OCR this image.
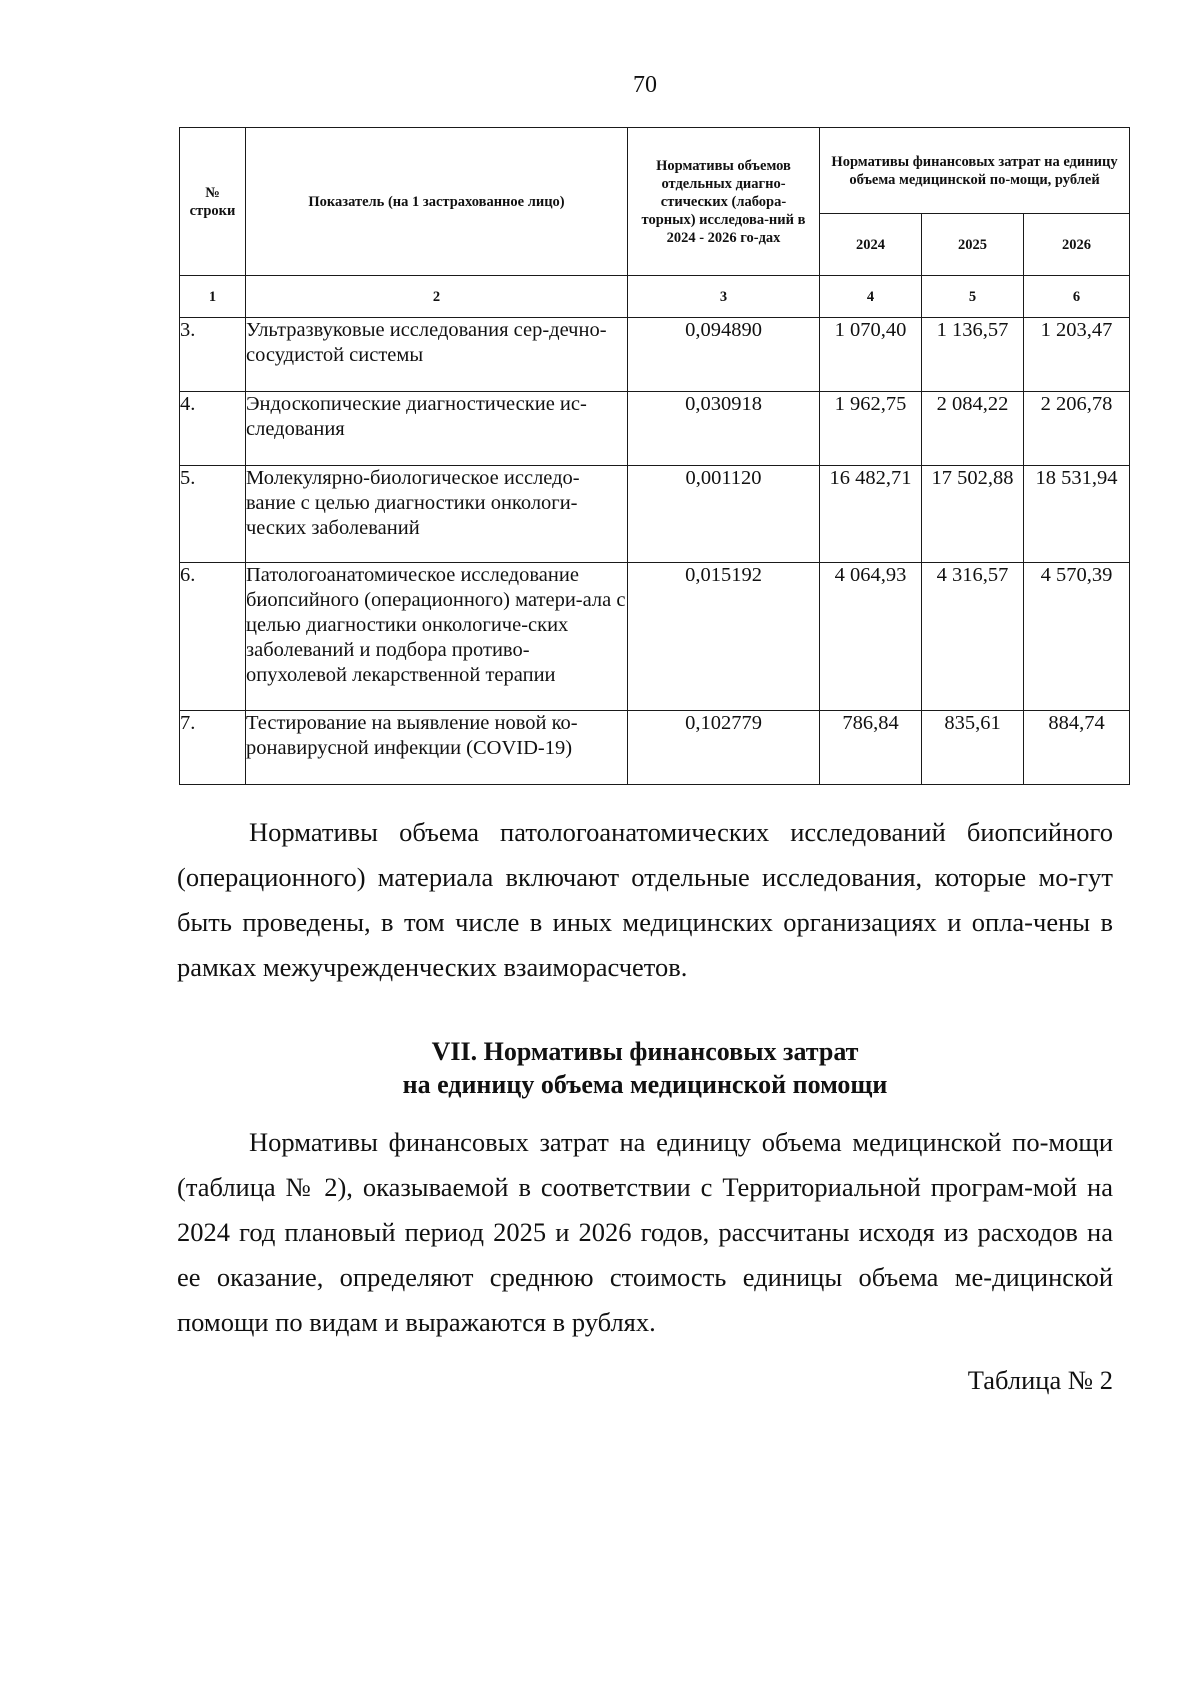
70
№ строки	Показатель (на 1 застрахованное лицо)	Нормативы объемов отдельных диагно-стических (лабора-торных) исследова-ний в 2024 - 2026 го-дах	Нормативы финансовых затрат на единицу объема медицинской по-мощи, рублей		
			2024	2025	2026
1	2	3	4	5	6
3.	Ультразвуковые исследования сер-дечно-сосудистой системы	0,094890	1 070,40	1 136,57	1 203,47
4.	Эндоскопические диагностические ис-следования	0,030918	1 962,75	2 084,22	2 206,78
5.	Молекулярно-биологическое исследо-вание с целью диагностики онкологи-ческих заболеваний	0,001120	16 482,71	17 502,88	18 531,94
6.	Патологоанатомическое исследование биопсийного (операционного) матери-ала с целью диагностики онкологиче-ских заболеваний и подбора противо-опухолевой лекарственной терапии	0,015192	4 064,93	4 316,57	4 570,39
7.	Тестирование на выявление новой ко-ронавирусной инфекции (COVID-19)	0,102779	786,84	835,61	884,74

Нормативы объема патологоанатомических исследований биопсийного (операционного) материала включают отдельные исследования, которые мо-гут быть проведены, в том числе в иных медицинских организациях и опла-чены в рамках межучрежденческих взаиморасчетов.

VII. Нормативы финансовых затрат
на единицу объема медицинской помощи

Нормативы финансовых затрат на единицу объема медицинской по-мощи (таблица № 2), оказываемой в соответствии с Территориальной програм-мой на 2024 год плановый период 2025 и 2026 годов, рассчитаны исходя из расходов на ее оказание, определяют среднюю стоимость единицы объема ме-дицинской помощи по видам и выражаются в рублях.

Таблица № 2
